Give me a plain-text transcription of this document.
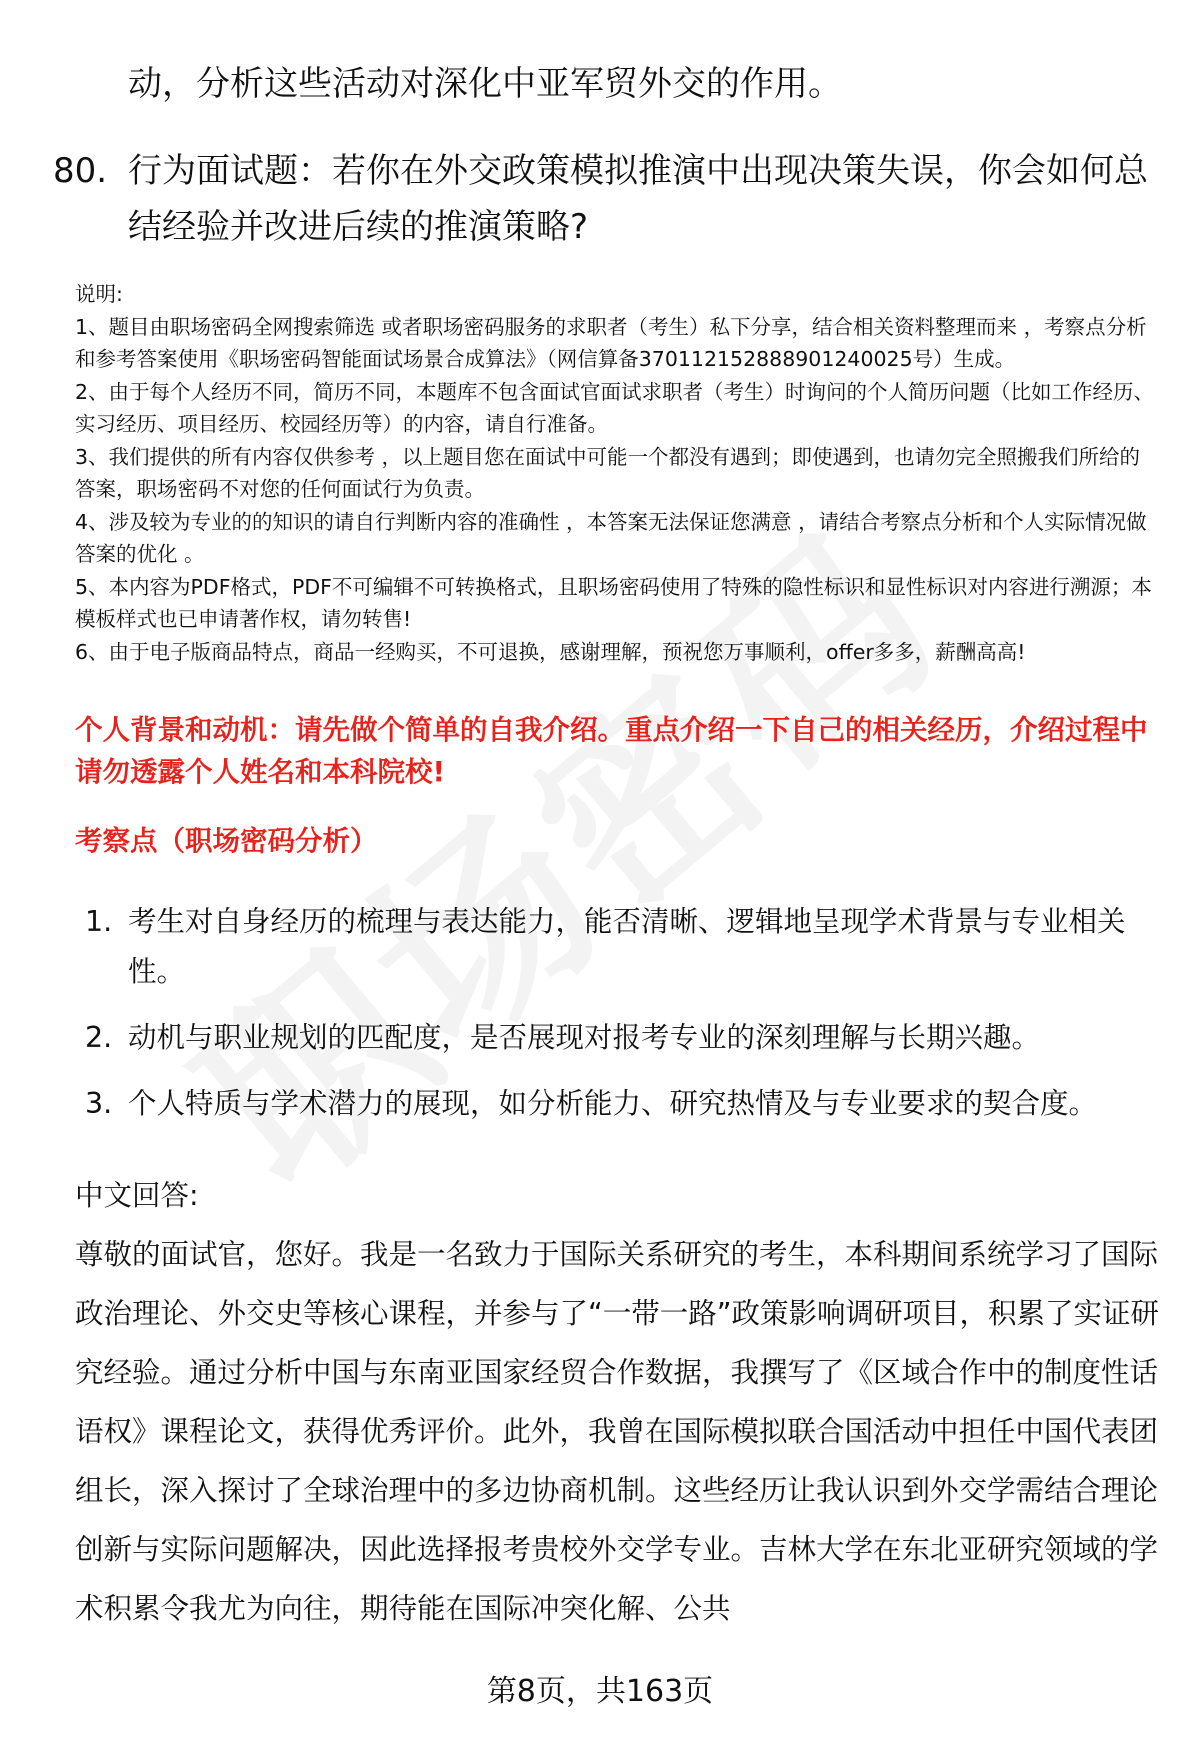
动，分析这些活动对深化中亚军贸外交的作用。
80. 行为面试题：若你在外交政策模拟推演中出现决策失误，你会如何总结经验并改进后续的推演策略?

说明:

1、题目由职场密码全网搜索筛选 或者职场密码服务的求职者（考生）私下分享，结合相关资料整理而来 ，考察点分析和参考答案使用《职场密码智能面试场景合成算法》（网信算备370112152888901240025号）生成。

2、由于每个人经历不同，简历不同，本题库不包含面试官面试求职者（考生）时询问的个人简历问题（比如工作经历、实习经历、项目经历、校园经历等）的内容，请自行准备。

3、我们提供的所有内容仅供参考 ，以上题目您在面试中可能一个都没有遇到；即使遇到，也请勿完全照搬我们所给的答案，职场密码不对您的任何面试行为负责。

4、涉及较为专业的的知识的请自行判断内容的准确性 ，本答案无法保证您满意 ，请结合考察点分析和个人实际情况做答案的优化 。

5、本内容为PDF格式，PDF不可编辑不可转换格式，且职场密码使用了特殊的隐性标识和显性标识对内容进行溯源；本模板样式也已申请著作权，请勿转售!

6、由于电子版商品特点，商品一经购买，不可退换，感谢理解，预祝您万事顺利，offer多多，薪酬高高!

个人背景和动机：请先做个简单的自我介绍。重点介绍一下自己的相关经历，介绍过程中请勿透露个人姓名和本科院校!
考察点（职场密码分析）
1. 考生对自身经历的梳理与表达能力，能否清晰、逻辑地呈现学术背景与专业相关性。
2. 动机与职业规划的匹配度，是否展现对报考专业的深刻理解与长期兴趣。
3. 个人特质与学术潜力的展现，如分析能力、研究热情及与专业要求的契合度。

中文回答:

尊敬的面试官，您好。我是一名致力于国际关系研究的考生，本科期间系统学习了国际政治理论、外交史等核心课程，并参与了“一带一路”政策影响调研项目，积累了实证研究经验。通过分析中国与东南亚国家经贸合作数据，我撰写了《区域合作中的制度性话语权》课程论文，获得优秀评价。此外，我曾在国际模拟联合国活动中担任中国代表团组长，深入探讨了全球治理中的多边协商机制。这些经历让我认识到外交学需结合理论创新与实际问题解决，因此选择报考贵校外交学专业。吉林大学在东北亚研究领域的学术积累令我尤为向往，期待能在国际冲突化解、公共

第8页，共163页
